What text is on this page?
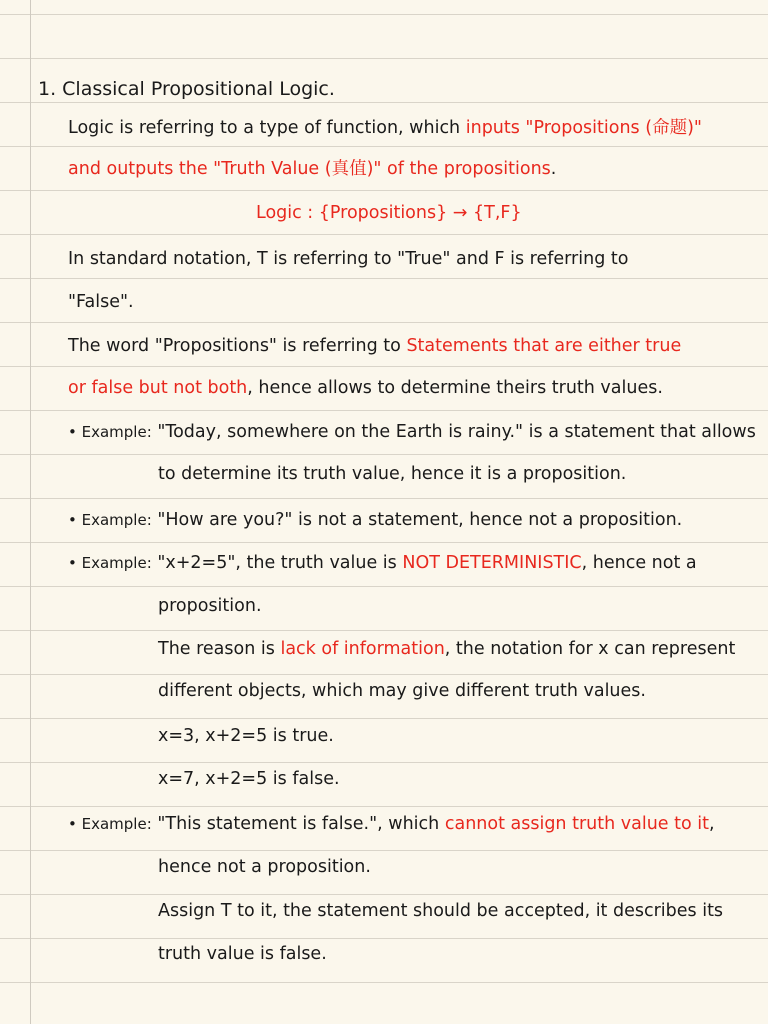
1. Classical Propositional Logic.
Logic is referring to a type of function, which inputs "Propositions (命题)"
and outputs the "Truth Value (真值)" of the propositions.
Logic : {Propositions} → {T,F}
In standard notation, T is referring to "True" and F is referring to
"False".
The word "Propositions" is referring to Statements that are either true
or false but not both, hence allows to determine theirs truth values.
• Example: "Today, somewhere on the Earth is rainy." is a statement that allows
to determine its truth value, hence it is a proposition.
• Example: "How are you?" is not a statement, hence not a proposition.
• Example: "x+2=5", the truth value is NOT DETERMINISTIC, hence not a
proposition.
The reason is lack of information, the notation for x can represent
different objects, which may give different truth values.
x=3, x+2=5 is true.
x=7, x+2=5 is false.
• Example: "This statement is false.", which cannot assign truth value to it,
hence not a proposition.
Assign T to it, the statement should be accepted, it describes its
truth value is false.
